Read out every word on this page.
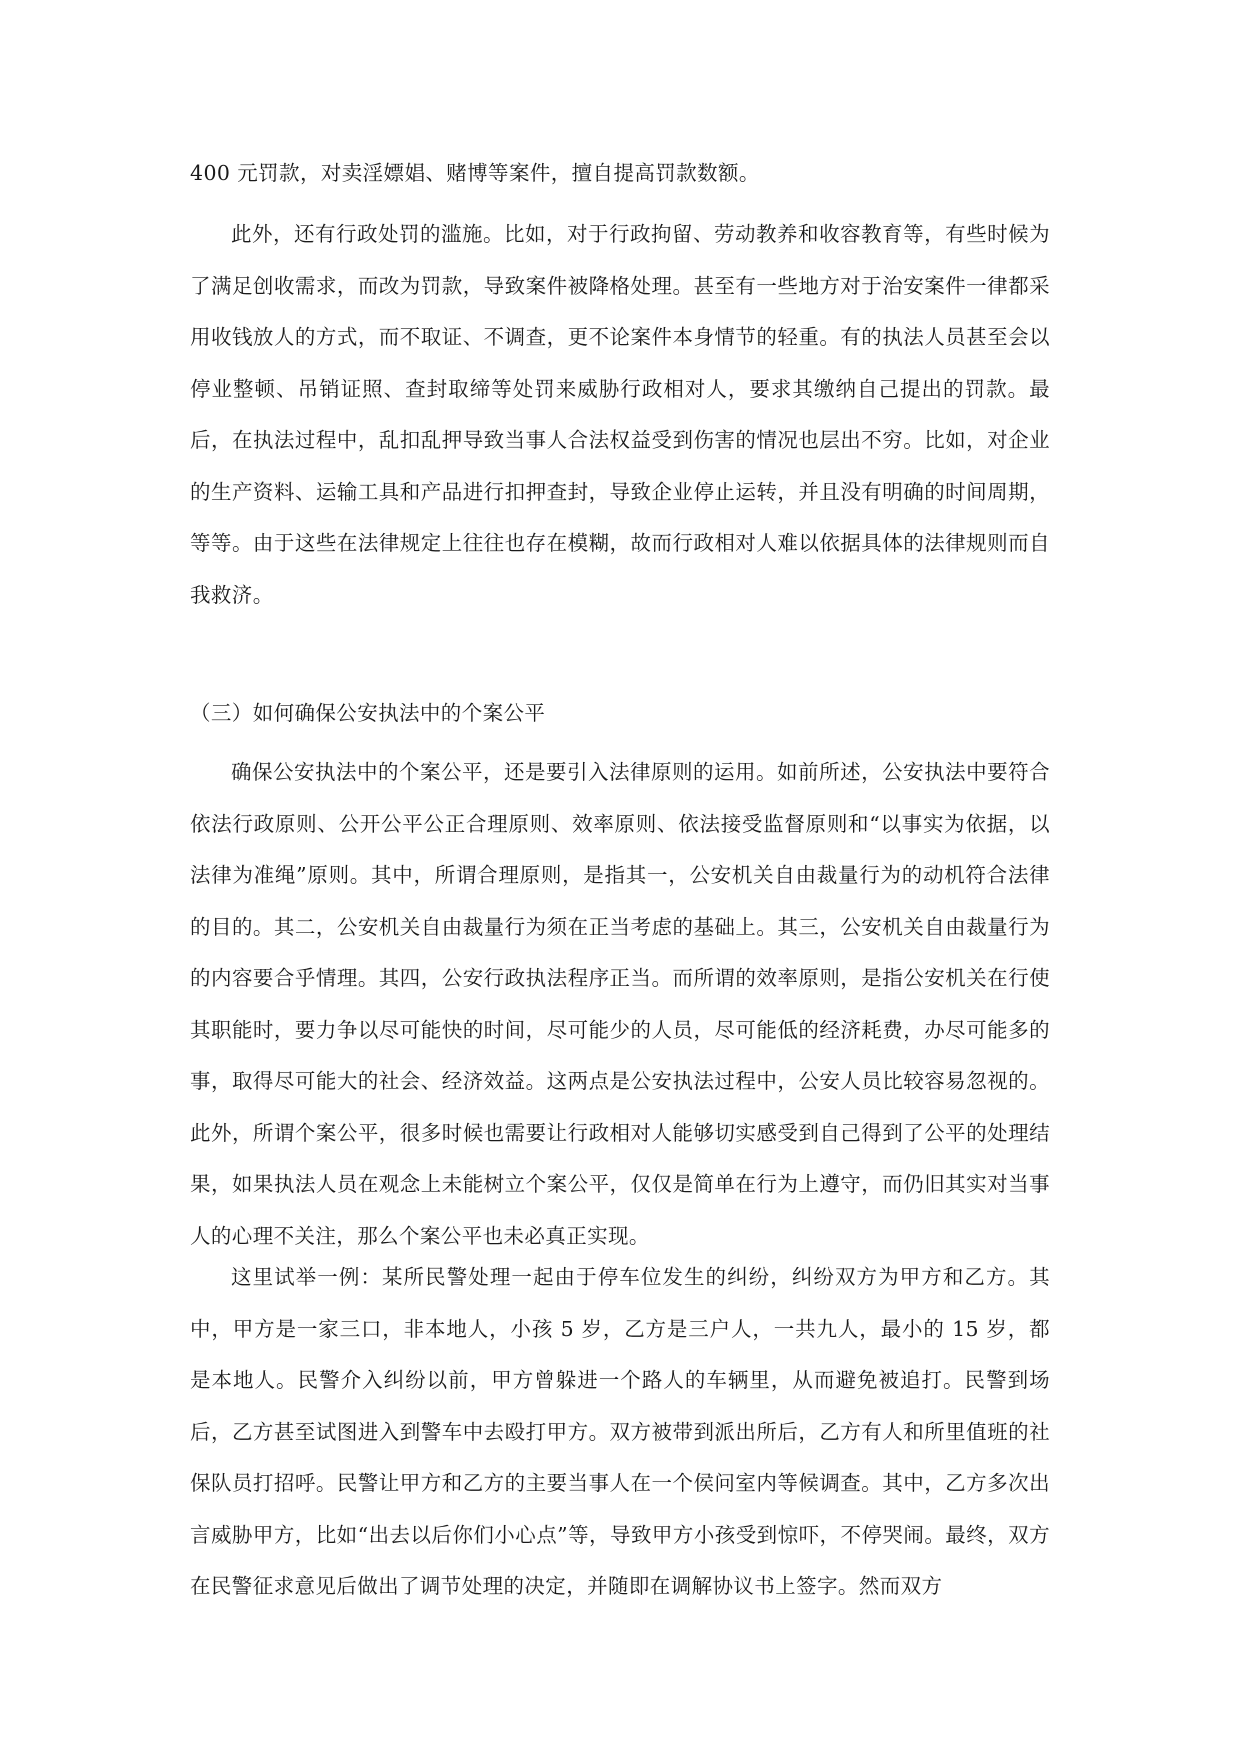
400 元罚款，对卖淫嫖娼、赌博等案件，擅自提高罚款数额。

此外，还有行政处罚的滥施。比如，对于行政拘留、劳动教养和收容教育等，有些时候为了满足创收需求，而改为罚款，导致案件被降格处理。甚至有一些地方对于治安案件一律都采用收钱放人的方式，而不取证、不调查，更不论案件本身情节的轻重。有的执法人员甚至会以停业整顿、吊销证照、查封取缔等处罚来威胁行政相对人，要求其缴纳自己提出的罚款。最后，在执法过程中，乱扣乱押导致当事人合法权益受到伤害的情况也层出不穷。比如，对企业的生产资料、运输工具和产品进行扣押查封，导致企业停止运转，并且没有明确的时间周期，等等。由于这些在法律规定上往往也存在模糊，故而行政相对人难以依据具体的法律规则而自我救济。

（三）如何确保公安执法中的个案公平

确保公安执法中的个案公平，还是要引入法律原则的运用。如前所述，公安执法中要符合依法行政原则、公开公平公正合理原则、效率原则、依法接受监督原则和“以事实为依据，以法律为准绳”原则。其中，所谓合理原则，是指其一，公安机关自由裁量行为的动机符合法律 的目的。其二，公安机关自由裁量行为须在正当考虑的基础上。其三，公安机关自由裁量行为的内容要合乎情理。其四，公安行政执法程序正当。而所谓的效率原则，是指公安机关在行使其职能时，要力争以尽可能快的时间，尽可能少的人员，尽可能低的经济耗费，办尽可能多的事，取得尽可能大的社会、经济效益。这两点是公安执法过程中，公安人员比较容易忽视的。此外，所谓个案公平，很多时候也需要让行政相对人能够切实感受到自己得到了公平的处理结果，如果执法人员在观念上未能树立个案公平，仅仅是简单在行为上遵守，而仍旧其实对当事人的心理不关注，那么个案公平也未必真正实现。

这里试举一例：某所民警处理一起由于停车位发生的纠纷，纠纷双方为甲方和乙方。其中，甲方是一家三口，非本地人，小孩 5 岁，乙方是三户人，一共九人，最小的 15 岁，都是本地人。民警介入纠纷以前，甲方曾躲进一个路人的车辆里，从而避免被追打。民警到场后，乙方甚至试图进入到警车中去殴打甲方。双方被带到派出所后，乙方有人和所里值班的社保队员打招呼。民警让甲方和乙方的主要当事人在一个侯问室内等候调查。其中，乙方多次出言威胁甲方，比如“出去以后你们小心点”等，导致甲方小孩受到惊吓，不停哭闹。最终，双方在民警征求意见后做出了调节处理的决定，并随即在调解协议书上签字。然而双方
